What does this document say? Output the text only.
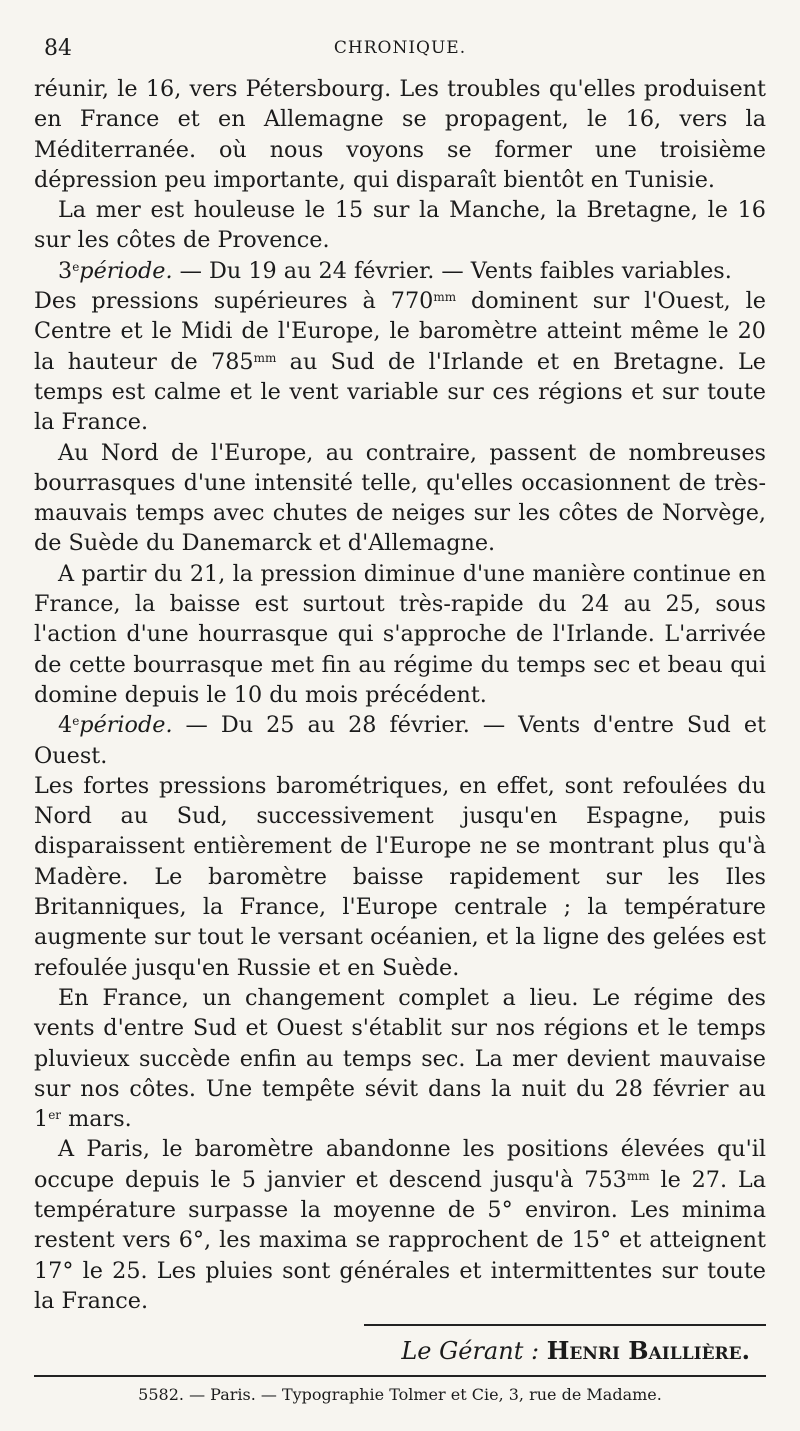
84	CHRONIQUE.

réunir, le 16, vers Pétersbourg. Les troubles qu'elles produisent en France et en Allemagne se propagent, le 16, vers la Méditerranée. où nous voyons se former une troisième dépression peu importante, qui disparaît bientôt en Tunisie.

La mer est houleuse le 15 sur la Manche, la Bretagne, le 16 sur les côtes de Provence.

3epériode. — Du 19 au 24 février. — Vents faibles variables.

Des pressions supérieures à $770^{mm}$ dominent sur l'Ouest, le Centre et le Midi de l'Europe, le baromètre atteint même le 20 la hauteur de $785^{mm}$ au Sud de l'Irlande et en Bretagne. Le temps est calme et le vent variable sur ces régions et sur toute la France.

Au Nord de l'Europe, au contraire, passent de nombreuses bourrasques d'une intensité telle, qu'elles occasionnent de très-mauvais temps avec chutes de neiges sur les côtes de Norvège, de Suède du Danemarck et d'Allemagne.

A partir du 21, la pression diminue d'une manière continue en France, la baisse est surtout très-rapide du 24 au 25, sous l'action d'une hourrasque qui s'approche de l'Irlande. L'arrivée de cette bourrasque met fin au régime du temps sec et beau qui domine depuis le 10 du mois précédent.

4epériode. — Du 25 au 28 février. — Vents d'entre Sud et Ouest.

Les fortes pressions barométriques, en effet, sont refoulées du Nord au Sud, successivement jusqu'en Espagne, puis disparaissent entièrement de l'Europe ne se montrant plus qu'à Madère. Le baromètre baisse rapidement sur les Iles Britanniques, la France, l'Europe centrale ; la température augmente sur tout le versant océanien, et la ligne des gelées est refoulée jusqu'en Russie et en Suède.

En France, un changement complet a lieu. Le régime des vents d'entre Sud et Ouest s'établit sur nos régions et le temps pluvieux succède enfin au temps sec. La mer devient mauvaise sur nos côtes. Une tempête sévit dans la nuit du 28 février au 1er mars.

A Paris, le baromètre abandonne les positions élevées qu'il occupe depuis le 5 janvier et descend jusqu'à $753^{mm}$ le 27. La température surpasse la moyenne de 5° environ. Les minima restent vers 6°, les maxima se rapprochent de 15° et atteignent 17° le 25. Les pluies sont générales et intermittentes sur toute la France.

Le Gérant : Henri Baillière.
5582. — Paris. — Typographie Tolmer et Cie, 3, rue de Madame.
